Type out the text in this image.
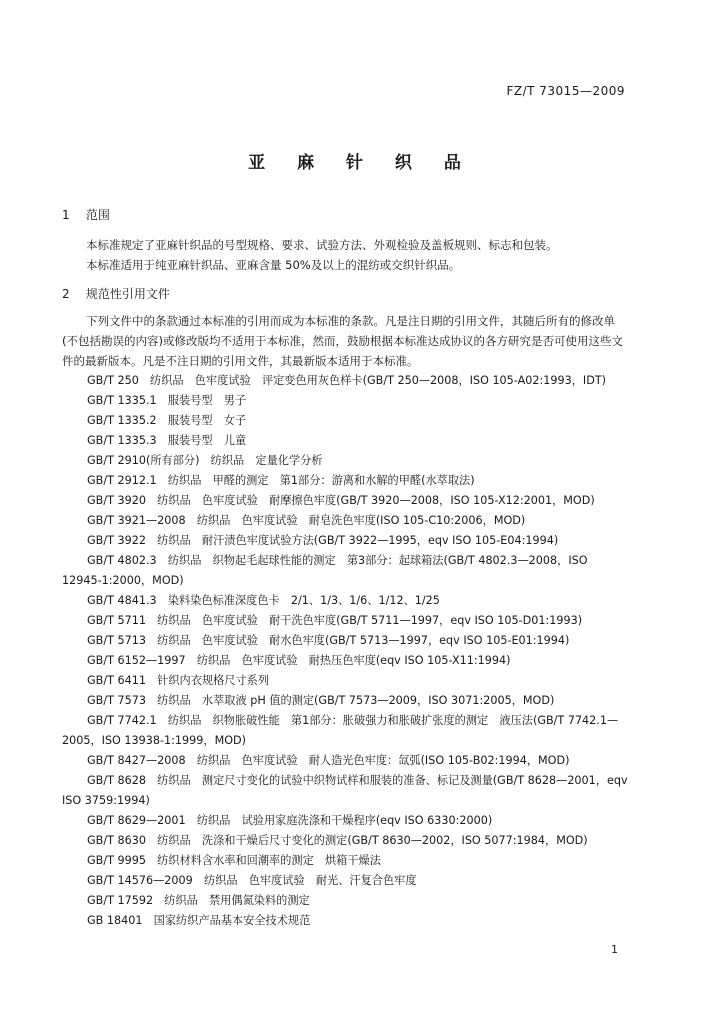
FZ/T 73015—2009
亚 麻 针 织 品
1 范围
本标准规定了亚麻针织品的号型规格、要求、试验方法、外观检验及盖板规则、标志和包装。
本标准适用于纯亚麻针织品、亚麻含量 50%及以上的混纺或交织针织品。
2 规范性引用文件
下列文件中的条款通过本标准的引用而成为本标准的条款。凡是注日期的引用文件，其随后所有的修改单(不包括勘误的内容)或修改版均不适用于本标准，然而，鼓励根据本标准达成协议的各方研究是否可使用这些文件的最新版本。凡是不注日期的引用文件，其最新版本适用于本标准。
GB/T 250　纺织品　色牢度试验　评定变色用灰色样卡(GB/T 250—2008，ISO 105-A02:1993，IDT)
GB/T 1335.1　服装号型　男子
GB/T 1335.2　服装号型　女子
GB/T 1335.3　服装号型　儿童
GB/T 2910(所有部分)　纺织品　定量化学分析
GB/T 2912.1　纺织品　甲醛的测定　第1部分：游离和水解的甲醛(水萃取法)
GB/T 3920　纺织品　色牢度试验　耐摩擦色牢度(GB/T 3920—2008，ISO 105-X12:2001，MOD)
GB/T 3921—2008　纺织品　色牢度试验　耐皂洗色牢度(ISO 105-C10:2006，MOD)
GB/T 3922　纺织品　耐汗渍色牢度试验方法(GB/T 3922—1995，eqv ISO 105-E04:1994)
GB/T 4802.3　纺织品　织物起毛起球性能的测定　第3部分：起球箱法(GB/T 4802.3—2008，ISO 12945-1:2000，MOD)
GB/T 4841.3　染料染色标准深度色卡　2/1、1/3、1/6、1/12、1/25
GB/T 5711　纺织品　色牢度试验　耐干洗色牢度(GB/T 5711—1997，eqv ISO 105-D01:1993)
GB/T 5713　纺织品　色牢度试验　耐水色牢度(GB/T 5713—1997，eqv ISO 105-E01:1994)
GB/T 6152—1997　纺织品　色牢度试验　耐热压色牢度(eqv ISO 105-X11:1994)
GB/T 6411　针织内衣规格尺寸系列
GB/T 7573　纺织品　水萃取液 pH 值的测定(GB/T 7573—2009，ISO 3071:2005，MOD)
GB/T 7742.1　纺织品　织物胀破性能　第1部分：胀破强力和胀破扩张度的测定　液压法(GB/T 7742.1—2005，ISO 13938-1:1999，MOD)
GB/T 8427—2008　纺织品　色牢度试验　耐人造光色牢度：氙弧(ISO 105-B02:1994，MOD)
GB/T 8628　纺织品　测定尺寸变化的试验中织物试样和服装的准备、标记及测量(GB/T 8628—2001，eqv ISO 3759:1994)
GB/T 8629—2001　纺织品　试验用家庭洗涤和干燥程序(eqv ISO 6330:2000)
GB/T 8630　纺织品　洗涤和干燥后尺寸变化的测定(GB/T 8630—2002，ISO 5077:1984，MOD)
GB/T 9995　纺织材料含水率和回潮率的测定　烘箱干燥法
GB/T 14576—2009　纺织品　色牢度试验　耐光、汗复合色牢度
GB/T 17592　纺织品　禁用偶氮染料的测定
GB 18401　国家纺织产品基本安全技术规范
1
